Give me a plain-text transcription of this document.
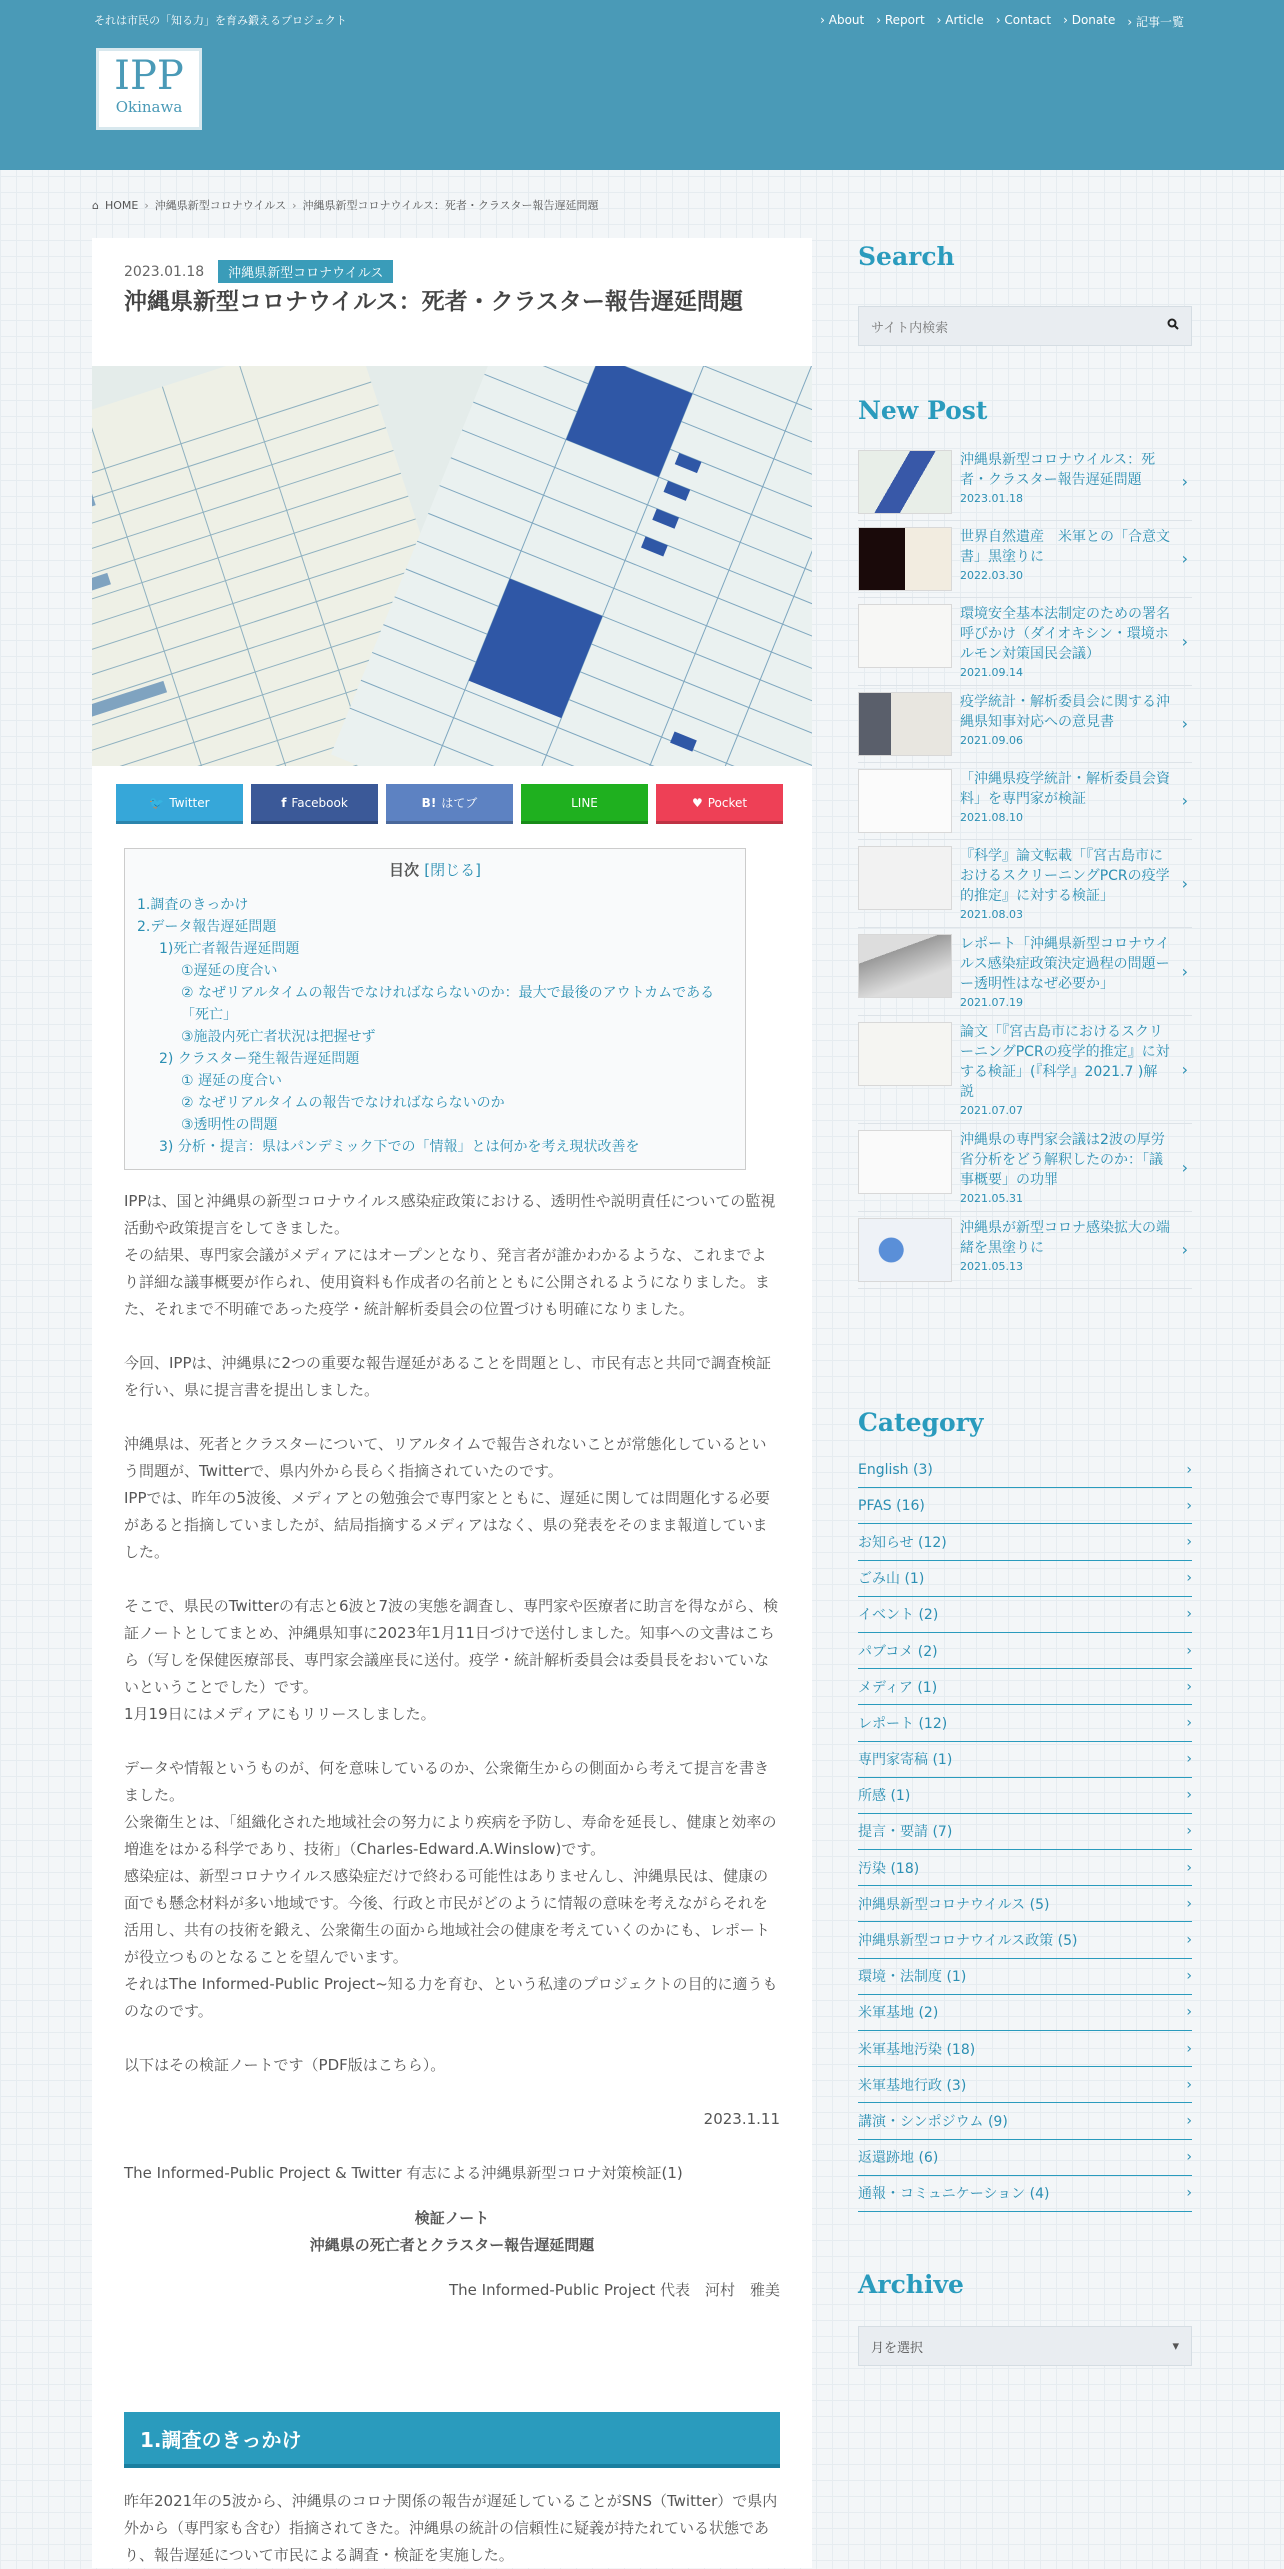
それは市民の「知る力」を育み鍛えるプロジェクト	› About	› Report	› Article	› Contact	› Donate	› 記事一覧
IPP
Okinawa
⌂ HOME › 沖縄県新型コロナウイルス › 沖縄県新型コロナウイルス：死者・クラスター報告遅延問題
2023.01.18	沖縄県新型コロナウイルス
沖縄県新型コロナウイルス：死者・クラスター報告遅延問題
🐦 Twitter	f Facebook	B! はてブ	LINE	♥ Pocket
目次 [閉じる]
1.調査のきっかけ
2.データ報告遅延問題
1)死亡者報告遅延問題
①遅延の度合い
② なぜリアルタイムの報告でなければならないのか：最大で最後のアウトカムである「死亡」
③施設内死亡者状況は把握せず
2) クラスター発生報告遅延問題
① 遅延の度合い
② なぜリアルタイムの報告でなければならないのか
③透明性の問題
3) 分析・提言：県はパンデミック下での「情報」とは何かを考え現状改善を

IPPは、国と沖縄県の新型コロナウイルス感染症政策における、透明性や説明責任についての監視活動や政策提言をしてきました。
その結果、専門家会議がメディアにはオープンとなり、発言者が誰かわかるような、これまでより詳細な議事概要が作られ、使用資料も作成者の名前とともに公開されるようになりました。また、それまで不明確であった疫学・統計解析委員会の位置づけも明確になりました。

今回、IPPは、沖縄県に2つの重要な報告遅延があることを問題とし、市民有志と共同で調査検証を行い、県に提言書を提出しました。

沖縄県は、死者とクラスターについて、リアルタイムで報告されないことが常態化しているという問題が、Twitterで、県内外から長らく指摘されていたのです。
IPPでは、昨年の5波後、メディアとの勉強会で専門家とともに、遅延に関しては問題化する必要があると指摘していましたが、結局指摘するメディアはなく、県の発表をそのまま報道していました。

そこで、県民のTwitterの有志と6波と7波の実態を調査し、専門家や医療者に助言を得ながら、検証ノートとしてまとめ、沖縄県知事に2023年1月11日づけで送付しました。知事への文書はこちら（写しを保健医療部長、専門家会議座長に送付。疫学・統計解析委員会は委員長をおいていないということでした）です。
1月19日にはメディアにもリリースしました。

データや情報というものが、何を意味しているのか、公衆衛生からの側面から考えて提言を書きました。
公衆衛生とは、「組織化された地域社会の努力により疾病を予防し、寿命を延長し、健康と効率の増進をはかる科学であり、技術」（Charles-Edward.A.Winslow)です。
感染症は、新型コロナウイルス感染症だけで終わる可能性はありませんし、沖縄県民は、健康の面でも懸念材料が多い地域です。今後、行政と市民がどのように情報の意味を考えながらそれを活用し、共有の技術を鍛え、公衆衛生の面から地域社会の健康を考えていくのかにも、レポートが役立つものとなることを望んでいます。
それはThe Informed-Public Project~知る力を育む、という私達のプロジェクトの目的に適うものなのです。

以下はその検証ノートです（PDF版はこちら）。

2023.1.11

The Informed-Public Project & Twitter 有志による沖縄県新型コロナ対策検証(1)

検証ノート
沖縄県の死亡者とクラスター報告遅延問題
The Informed-Public Project 代表　河村　雅美
1.調査のきっかけ
昨年2021年の5波から、沖縄県のコロナ関係の報告が遅延していることがSNS（Twitter）で県内外から（専門家も含む）指摘されてきた。沖縄県の統計の信頼性に疑義が持たれている状態であり、報告遅延について市民による調査・検証を実施した。
Search
サイト内検索
New Post
沖縄県新型コロナウイルス：死者・クラスター報告遅延問題
2023.01.18
›
世界自然遺産　米軍との「合意文書」黒塗りに
2022.03.30
›
環境安全基本法制定のための署名呼びかけ（ダイオキシン・環境ホルモン対策国民会議）
2021.09.14
›
疫学統計・解析委員会に関する沖縄県知事対応への意見書
2021.09.06
›
「沖縄県疫学統計・解析委員会資料」を専門家が検証
2021.08.10
›
『科学』論文転載「『宮古島市におけるスクリーニングPCRの疫学的推定』に対する検証」
2021.08.03
›
レポート「沖縄県新型コロナウイルス感染症政策決定過程の問題ーー透明性はなぜ必要か」
2021.07.19
›
論文「『宮古島市におけるスクリーニングPCRの疫学的推定』に対する検証」(『科学』2021.7 )解説
2021.07.07
›
沖縄県の専門家会議は2波の厚労省分析をどう解釈したのか：「議事概要」の功罪
2021.05.31
›
沖縄県が新型コロナ感染拡大の端緒を黒塗りに
2021.05.13
›
Category
English (3)	›
PFAS (16)	›
お知らせ (12)	›
ごみ山 (1)	›
イベント (2)	›
パブコメ (2)	›
メディア (1)	›
レポート (12)	›
専門家寄稿 (1)	›
所感 (1)	›
提言・要請 (7)	›
汚染 (18)	›
沖縄県新型コロナウイルス (5)	›
沖縄県新型コロナウイルス政策 (5)	›
環境・法制度 (1)	›
米軍基地 (2)	›
米軍基地汚染 (18)	›
米軍基地行政 (3)	›
講演・シンポジウム (9)	›
返還跡地 (6)	›
通報・コミュニケーション (4)	›
Archive
月を選択	▾
